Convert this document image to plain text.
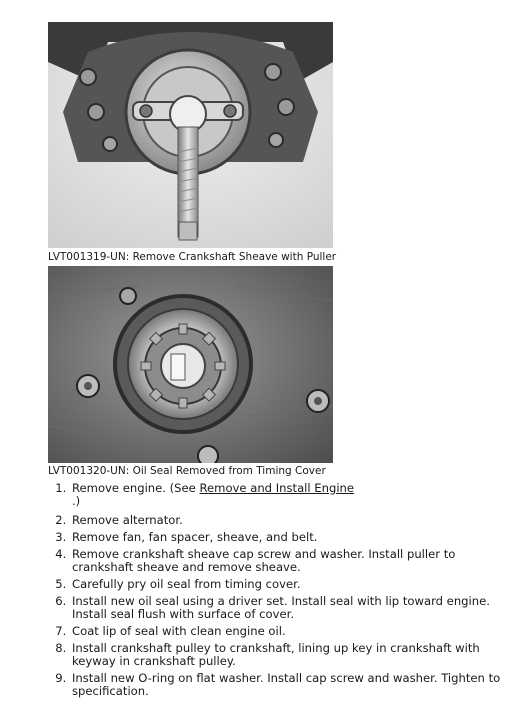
LVT001319-UN: Remove Crankshaft Sheave with Puller
LVT001320-UN: Oil Seal Removed from Timing Cover
1. Remove engine. (See Remove and Install Engine
.)
2. Remove alternator.
3. Remove fan, fan spacer, sheave, and belt.
4. Remove crankshaft sheave cap screw and washer. Install puller to crankshaft sheave and remove sheave.
5. Carefully pry oil seal from timing cover.
6. Install new oil seal using a driver set. Install seal with lip toward engine. Install seal flush with surface of cover.
7. Coat lip of seal with clean engine oil.
8. Install crankshaft pulley to crankshaft, lining up key in crankshaft with keyway in crankshaft pulley.
9. Install new O-ring on flat washer. Install cap screw and washer. Tighten to specification.
